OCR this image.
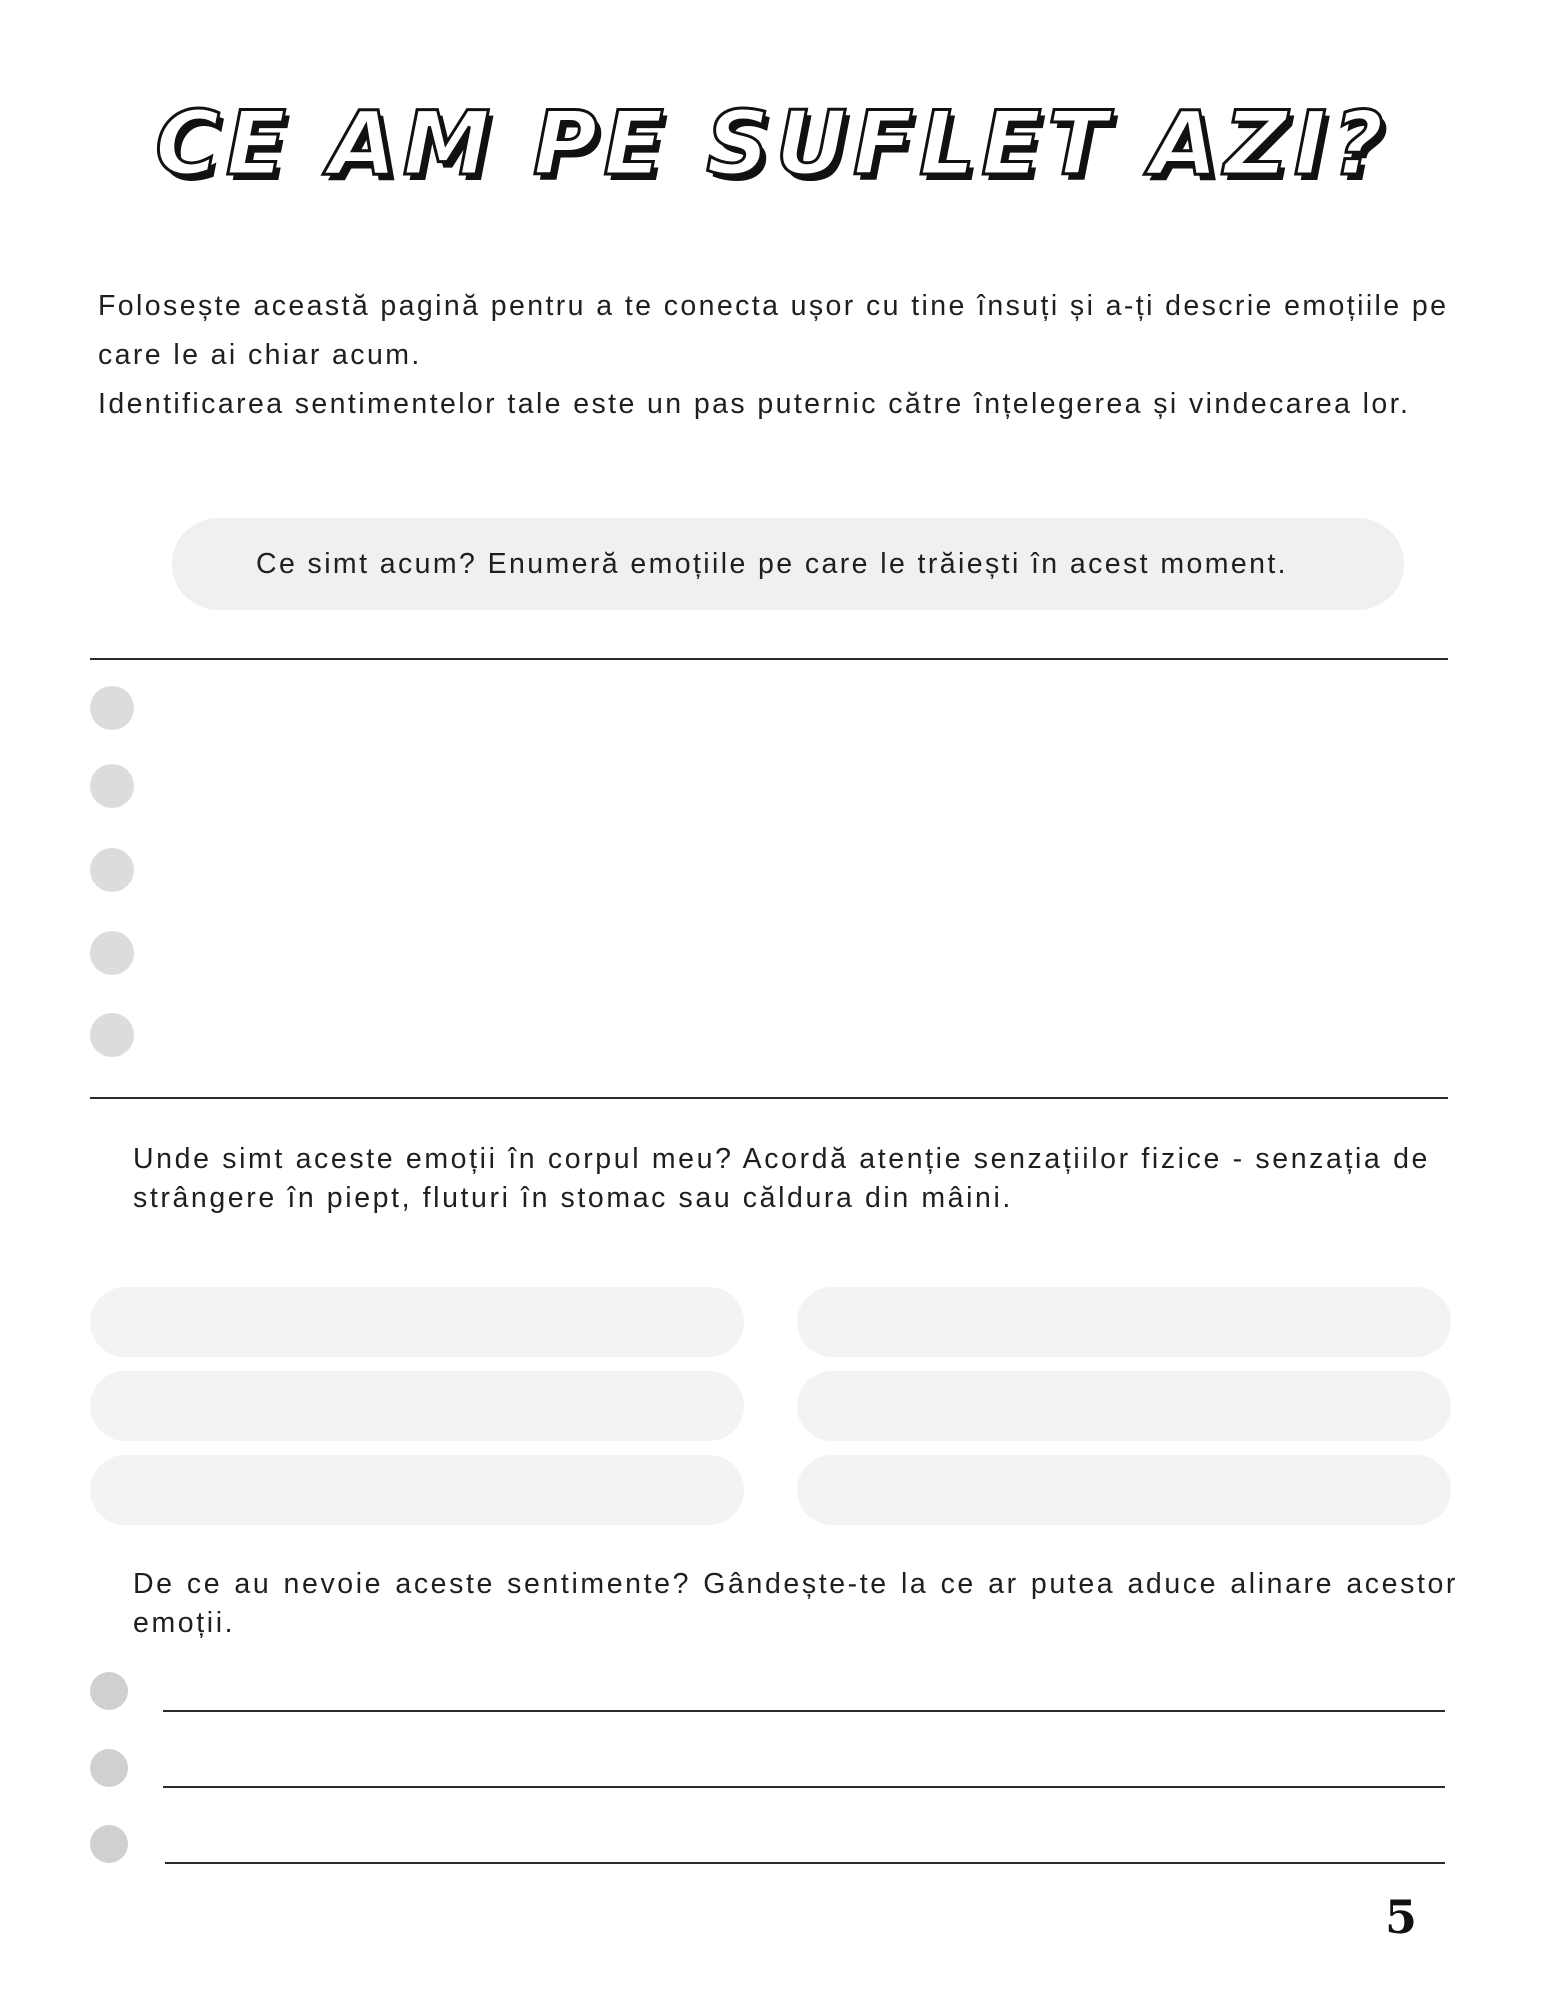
CE AM PE SUFLET AZI?

Folosește această pagină pentru a te conecta ușor cu tine însuți și a-ți descrie emoțiile pe care le ai chiar acum.

Identificarea sentimentelor tale este un pas puternic către înțelegerea și vindecarea lor.

Ce simt acum? Enumeră emoțiile pe care le trăiești în acest moment.
Unde simt aceste emoții în corpul meu? Acordă atenție senzațiilor fizice - senzația de strângere în piept, fluturi în stomac sau căldura din mâini.
De ce au nevoie aceste sentimente? Gândește-te la ce ar putea aduce alinare acestor emoții.
5
